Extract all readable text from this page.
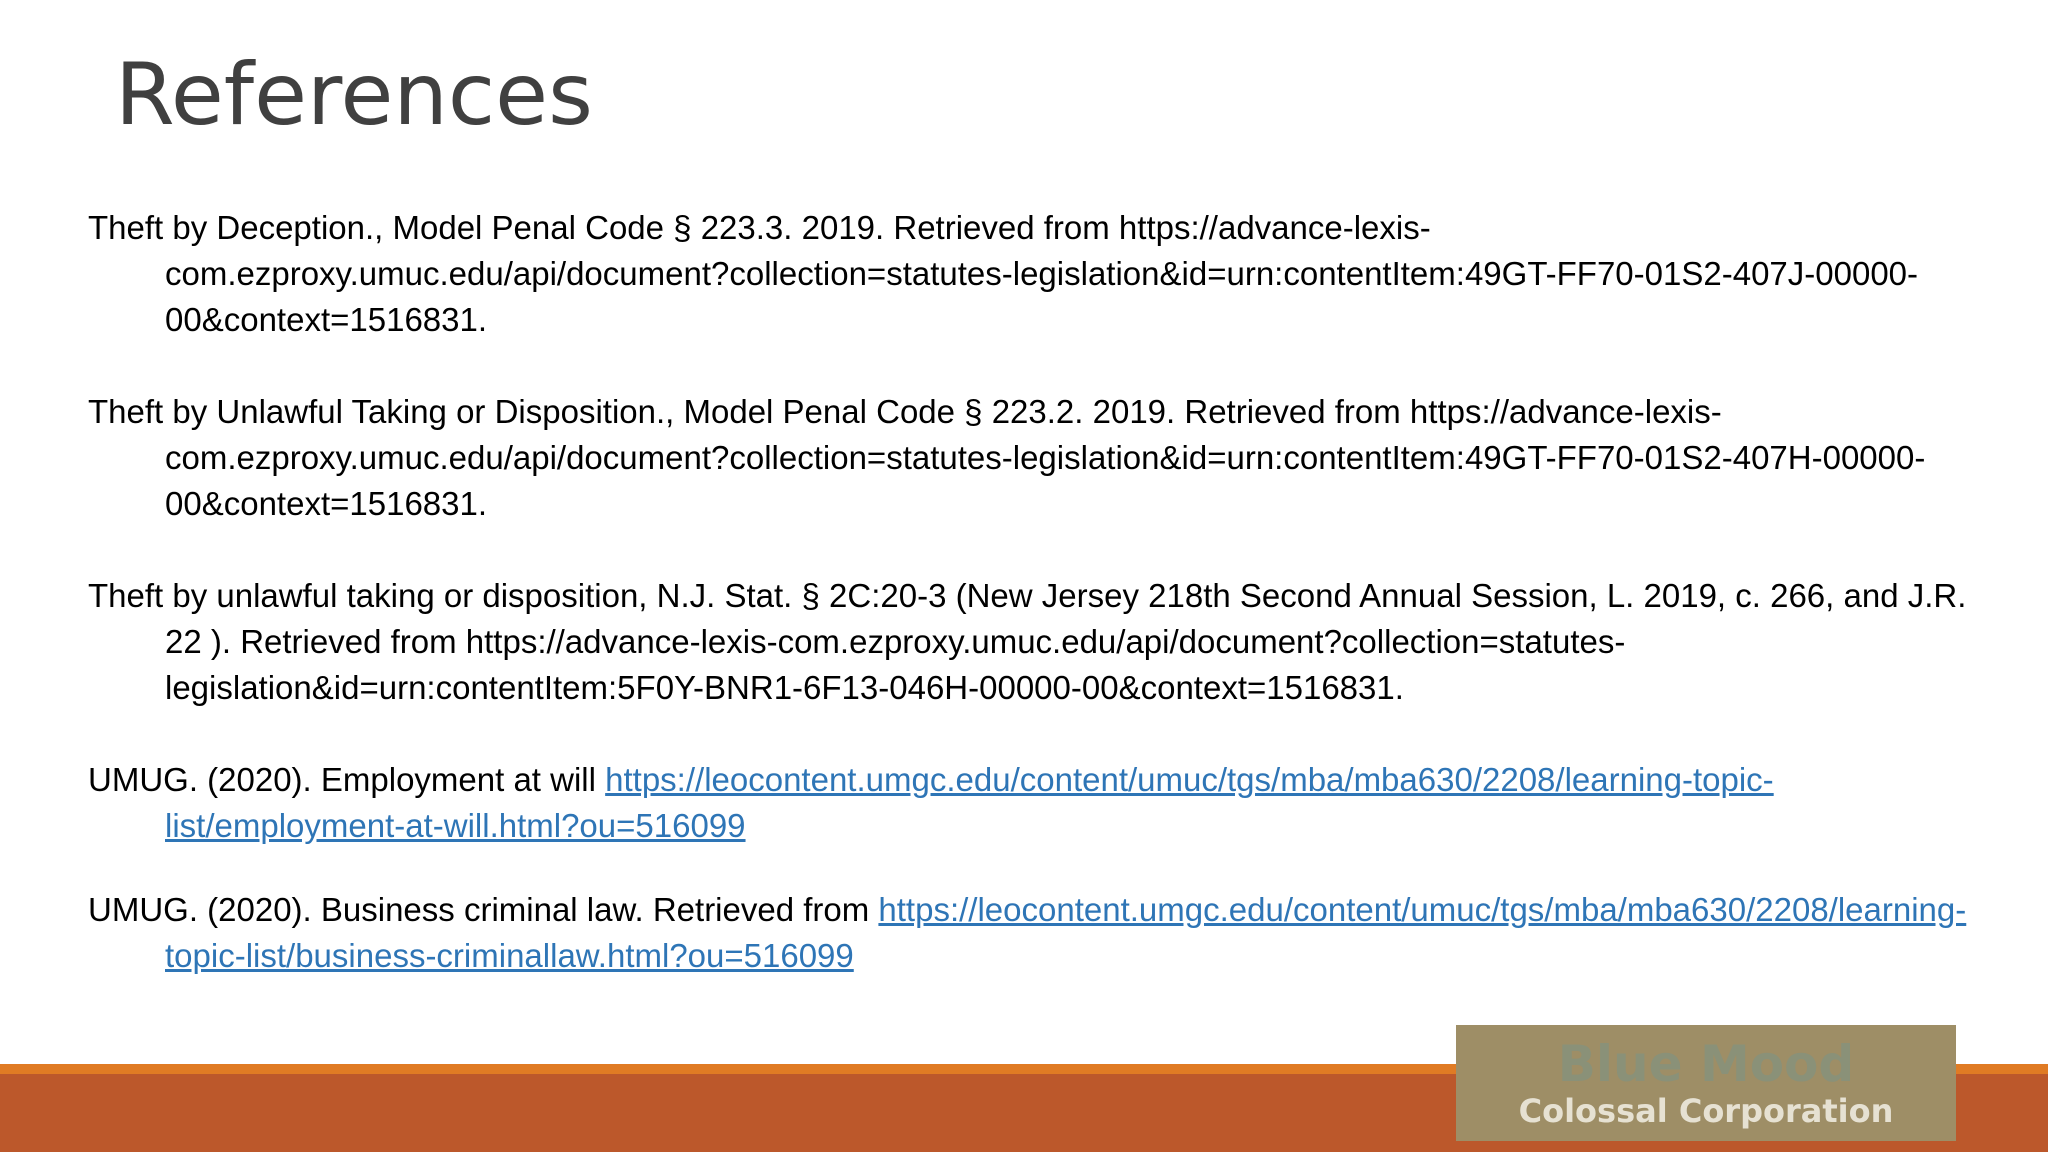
References

Theft by Deception., Model Penal Code § 223.3. 2019. Retrieved from https://advance-lexis-com.ezproxy.umuc.edu/api/document?collection=statutes-legislation&id=urn:contentItem:49GT-FF70-01S2-407J-00000-00&context=1516831.

Theft by Unlawful Taking or Disposition., Model Penal Code § 223.2. 2019. Retrieved from https://advance-lexis-com.ezproxy.umuc.edu/api/document?collection=statutes-legislation&id=urn:contentItem:49GT-FF70-01S2-407H-00000-00&context=1516831.

Theft by unlawful taking or disposition, N.J. Stat. § 2C:20-3 (New Jersey 218th Second Annual Session, L. 2019, c. 266, and J.R. 22 ). Retrieved from https://advance-lexis-com.ezproxy.umuc.edu/api/document?collection=statutes-legislation&id=urn:contentItem:5F0Y-BNR1-6F13-046H-00000-00&context=1516831.

UMUG. (2020). Employment at will https://leocontent.umgc.edu/content/umuc/tgs/mba/mba630/2208/learning-topic-list/employment-at-will.html?ou=516099

UMUG. (2020). Business criminal law. Retrieved from https://leocontent.umgc.edu/content/umuc/tgs/mba/mba630/2208/learning-topic-list/business-criminallaw.html?ou=516099

Blue Mood
Colossal Corporation
